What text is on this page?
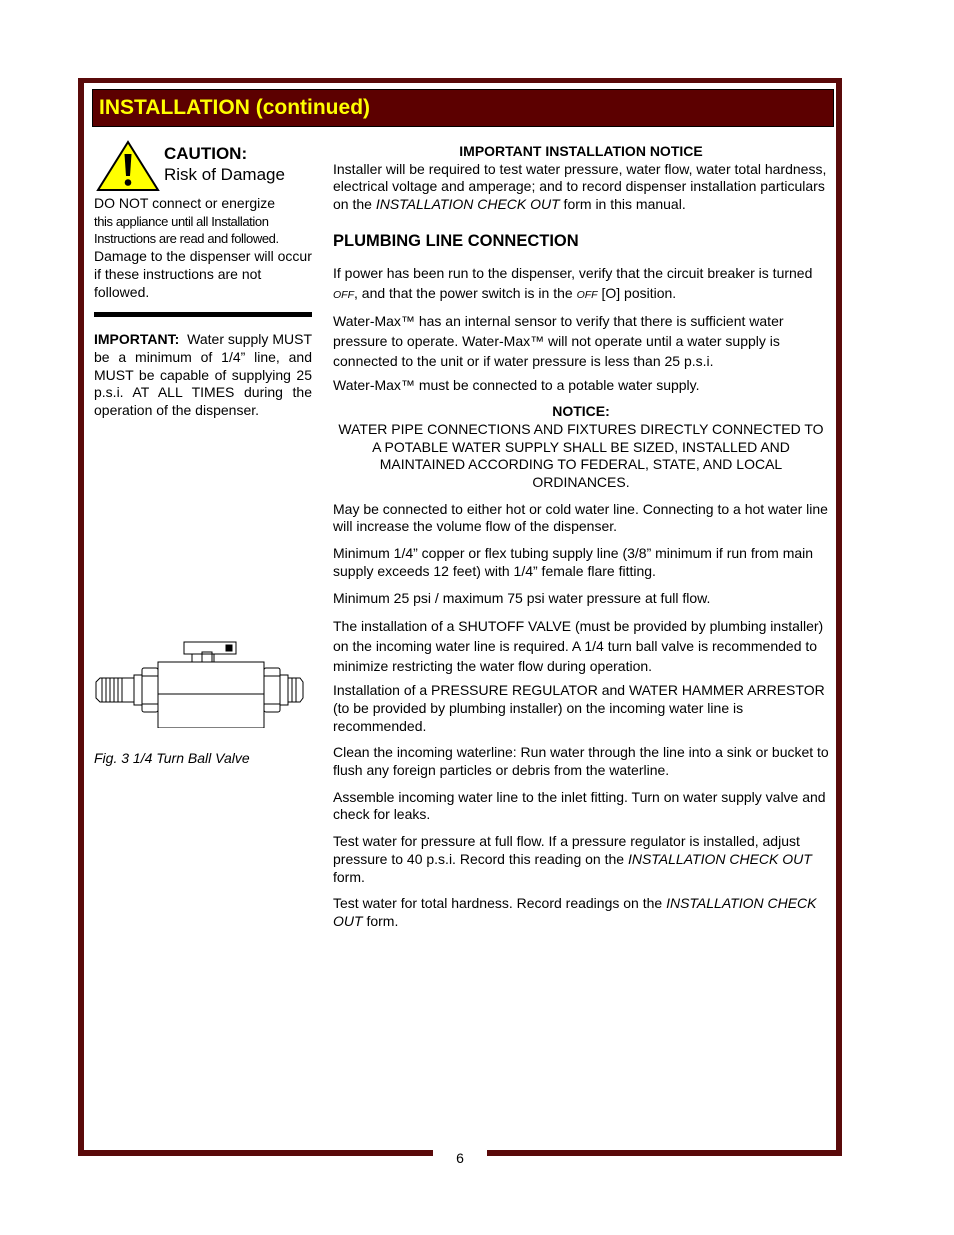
6
INSTALLATION (continued)
CAUTION:
Risk of Damage
DO NOT connect or energize
this appliance until all Installation
Instructions are read and followed.
Damage to the dispenser will occur if these instructions are not followed.
IMPORTANT: Water supply MUST be a minimum of 1/4” line, and MUST be capable of supplying 25 p.s.i. AT ALL TIMES during the operation of the dispenser.
Fig. 3 1/4 Turn Ball Valve
IMPORTANT INSTALLATION NOTICE
Installer will be required to test water pressure, water flow, water total hardness, electrical voltage and amperage; and to record dispenser installation particulars on the INSTALLATION CHECK OUT form in this manual.
PLUMBING LINE CONNECTION
If power has been run to the dispenser, verify that the circuit breaker is turned OFF, and that the power switch is in the OFF [O] position.
Water-Max™ has an internal sensor to verify that there is sufficient water pressure to operate. Water-Max™ will not operate until a water supply is connected to the unit or if water pressure is less than 25 p.s.i.
Water-Max™ must be connected to a potable water supply.
NOTICE:
WATER PIPE CONNECTIONS AND FIXTURES DIRECTLY CONNECTED TO A POTABLE WATER SUPPLY SHALL BE SIZED, INSTALLED AND MAINTAINED ACCORDING TO FEDERAL, STATE, AND LOCAL ORDINANCES.
May be connected to either hot or cold water line. Connecting to a hot water line will increase the volume flow of the dispenser.
Minimum 1/4” copper or flex tubing supply line (3/8” minimum if run from main supply exceeds 12 feet) with 1/4” female flare fitting.
Minimum 25 psi / maximum 75 psi water pressure at full flow.
The installation of a SHUTOFF VALVE (must be provided by plumbing installer) on the incoming water line is required. A 1/4 turn ball valve is recommended to minimize restricting the water flow during operation.
Installation of a PRESSURE REGULATOR and WATER HAMMER ARRESTOR (to be provided by plumbing installer) on the incoming water line is recommended.
Clean the incoming waterline: Run water through the line into a sink or bucket to flush any foreign particles or debris from the waterline.
Assemble incoming water line to the inlet fitting. Turn on water supply valve and check for leaks.
Test water for pressure at full flow. If a pressure regulator is installed, adjust pressure to 40 p.s.i. Record this reading on the INSTALLATION CHECK OUT form.
Test water for total hardness. Record readings on the INSTALLATION CHECK OUT form.
